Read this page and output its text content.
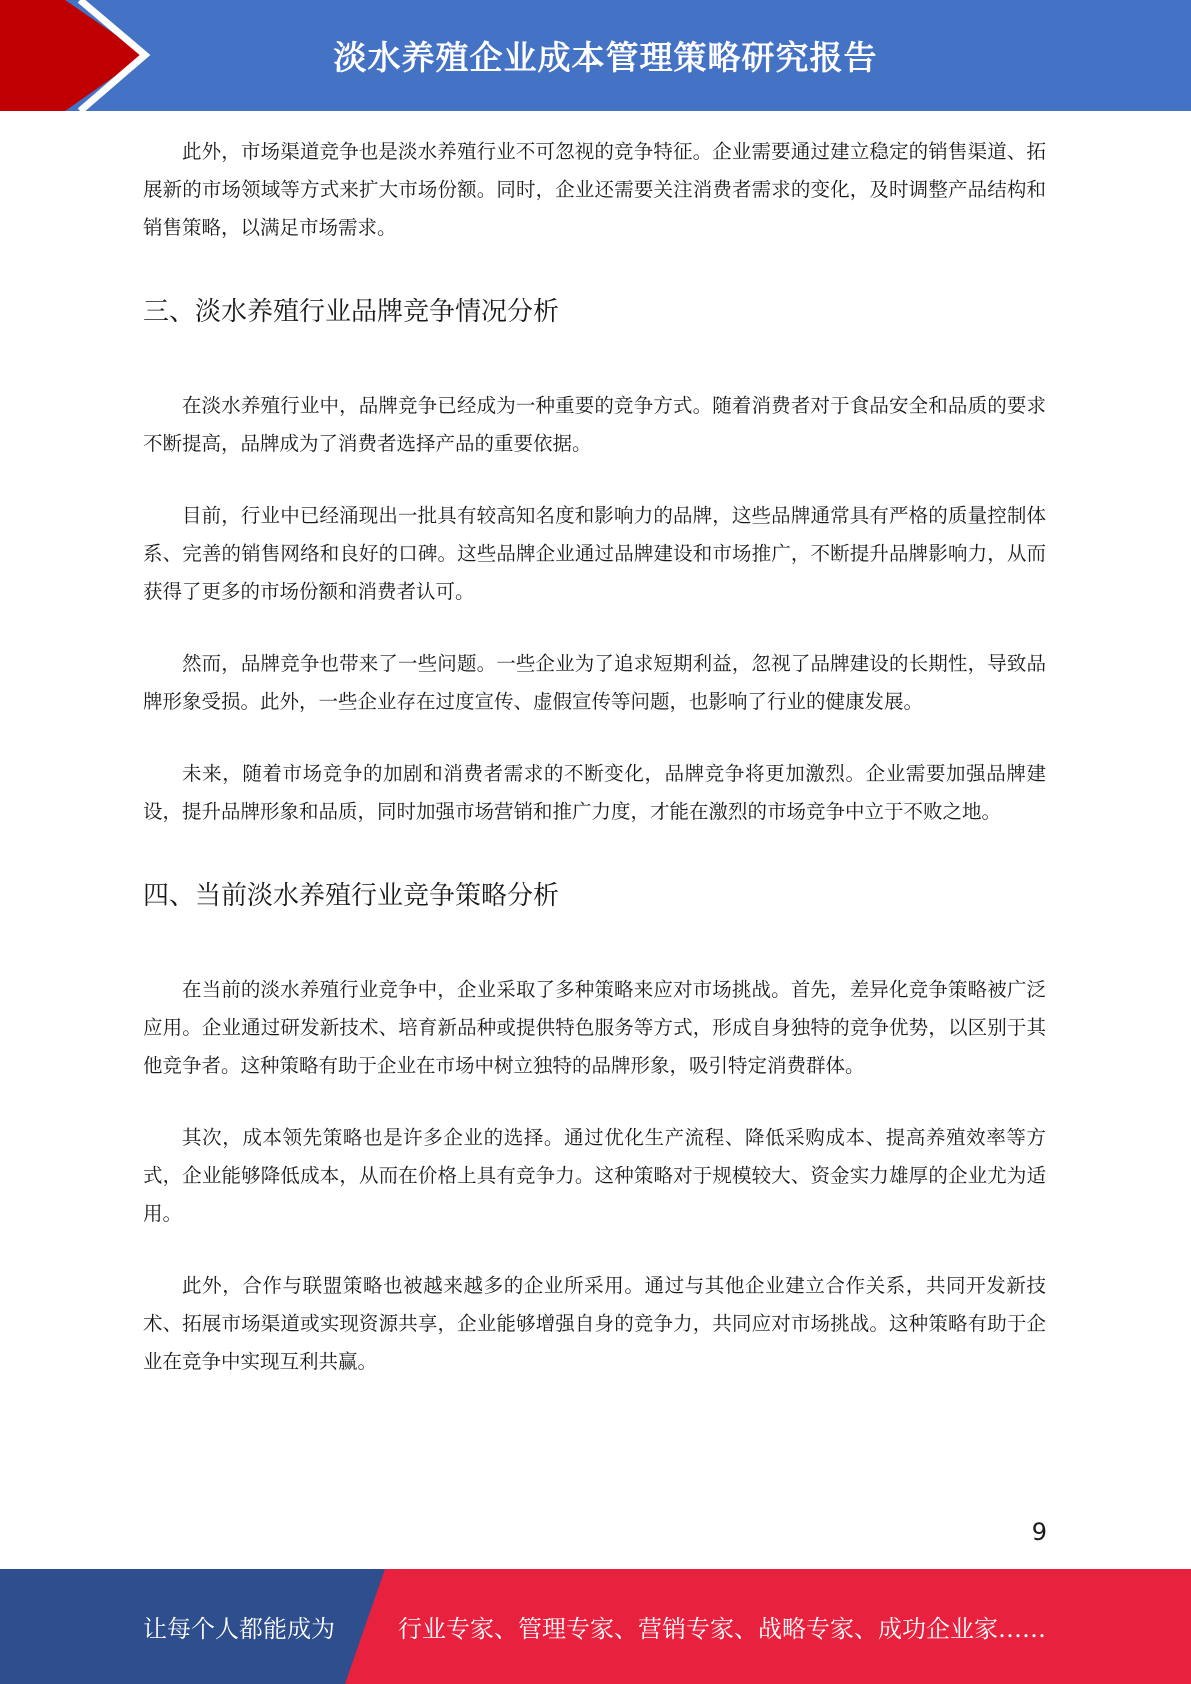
淡水养殖企业成本管理策略研究报告

此外，市场渠道竞争也是淡水养殖行业不可忽视的竞争特征。企业需要通过建立稳定的销售渠道、拓展新的市场领域等方式来扩大市场份额。同时，企业还需要关注消费者需求的变化，及时调整产品结构和销售策略，以满足市场需求。

三、淡水养殖行业品牌竞争情况分析

在淡水养殖行业中，品牌竞争已经成为一种重要的竞争方式。随着消费者对于食品安全和品质的要求不断提高，品牌成为了消费者选择产品的重要依据。

目前，行业中已经涌现出一批具有较高知名度和影响力的品牌，这些品牌通常具有严格的质量控制体系、完善的销售网络和良好的口碑。这些品牌企业通过品牌建设和市场推广，不断提升品牌影响力，从而获得了更多的市场份额和消费者认可。

然而，品牌竞争也带来了一些问题。一些企业为了追求短期利益，忽视了品牌建设的长期性，导致品牌形象受损。此外，一些企业存在过度宣传、虚假宣传等问题，也影响了行业的健康发展。

未来，随着市场竞争的加剧和消费者需求的不断变化，品牌竞争将更加激烈。企业需要加强品牌建设，提升品牌形象和品质，同时加强市场营销和推广力度，才能在激烈的市场竞争中立于不败之地。

四、当前淡水养殖行业竞争策略分析

在当前的淡水养殖行业竞争中，企业采取了多种策略来应对市场挑战。首先，差异化竞争策略被广泛应用。企业通过研发新技术、培育新品种或提供特色服务等方式，形成自身独特的竞争优势，以区别于其他竞争者。这种策略有助于企业在市场中树立独特的品牌形象，吸引特定消费群体。

其次，成本领先策略也是许多企业的选择。通过优化生产流程、降低采购成本、提高养殖效率等方式，企业能够降低成本，从而在价格上具有竞争力。这种策略对于规模较大、资金实力雄厚的企业尤为适用。

此外，合作与联盟策略也被越来越多的企业所采用。通过与其他企业建立合作关系，共同开发新技术、拓展市场渠道或实现资源共享，企业能够增强自身的竞争力，共同应对市场挑战。这种策略有助于企业在竞争中实现互利共赢。

9
让每个人都能成为	行业专家、管理专家、营销专家、战略专家、成功企业家……
